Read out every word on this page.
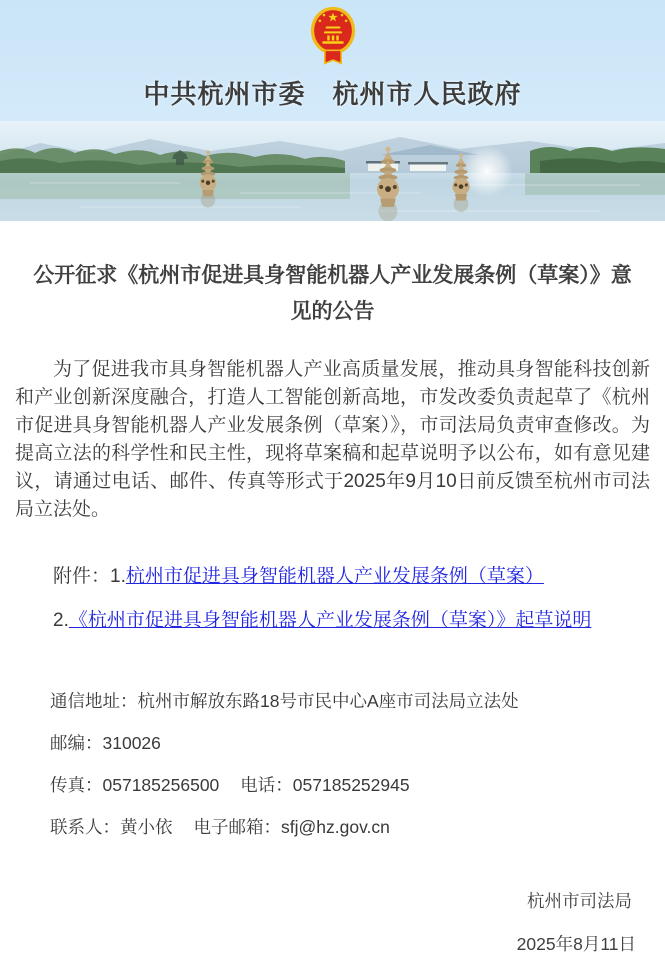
中共杭州市委　杭州市人民政府
公开征求《杭州市促进具身智能机器人产业发展条例（草案）》意见的公告

为了促进我市具身智能机器人产业高质量发展，推动具身智能科技创新和产业创新深度融合，打造人工智能创新高地，市发改委负责起草了《杭州市促进具身智能机器人产业发展条例（草案）》，市司法局负责审查修改。为提高立法的科学性和民主性，现将草案稿和起草说明予以公布，如有意见建议，请通过电话、邮件、传真等形式于2025年9月10日前反馈至杭州市司法局立法处。

附件：1.杭州市促进具身智能机器人产业发展条例（草案）

2.《杭州市促进具身智能机器人产业发展条例（草案）》起草说明

通信地址：杭州市解放东路18号市民中心A座市司法局立法处

邮编：310026

传真：057185256500 电话：057185252945

联系人：黄小依 电子邮箱：sfj@hz.gov.cn

杭州市司法局

2025年8月11日
